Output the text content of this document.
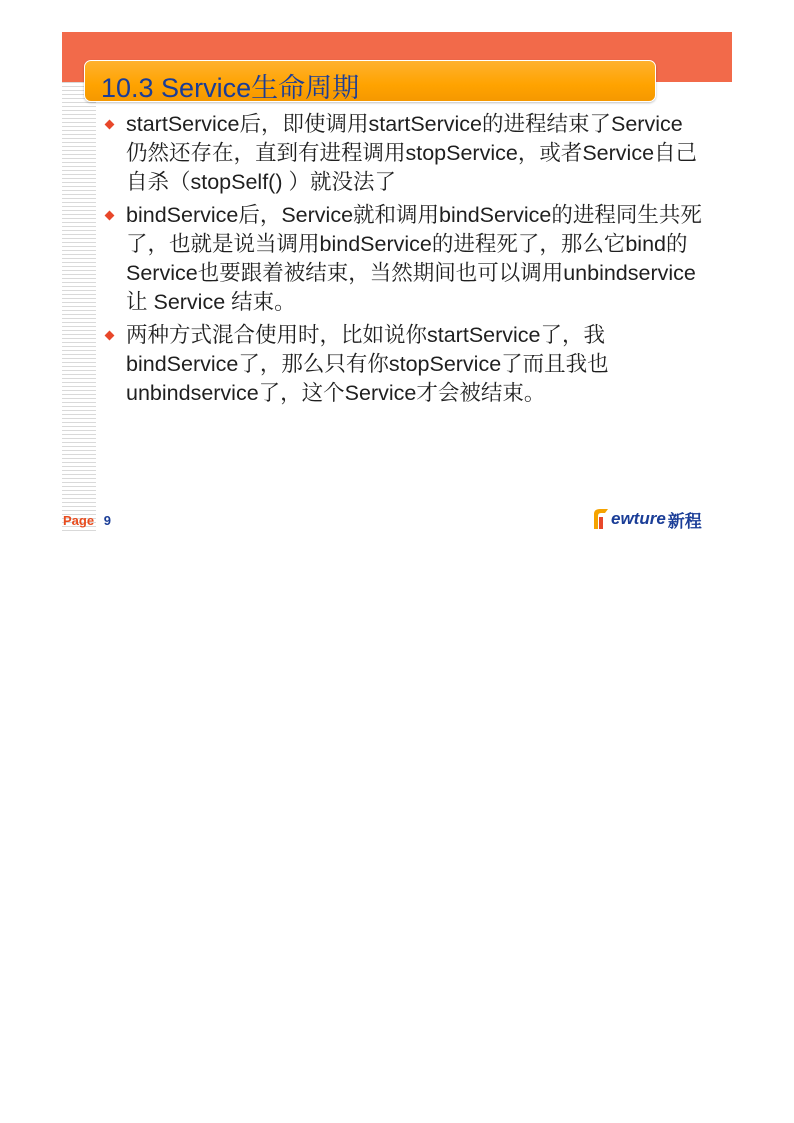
10.3 Service生命周期
startService后，即使调用startService的进程结束了Service仍然还存在，直到有进程调用stopService，或者Service自己自杀（stopSelf() ）就没法了
bindService后，Service就和调用bindService的进程同生共死了，也就是说当调用bindService的进程死了，那么它bind的Service也要跟着被结束，当然期间也可以调用unbindservice让 Service 结束。
两种方式混合使用时，比如说你startService了，我bindService了，那么只有你stopService了而且我也unbindservice了，这个Service才会被结束。
Page 9	ewture 新程
